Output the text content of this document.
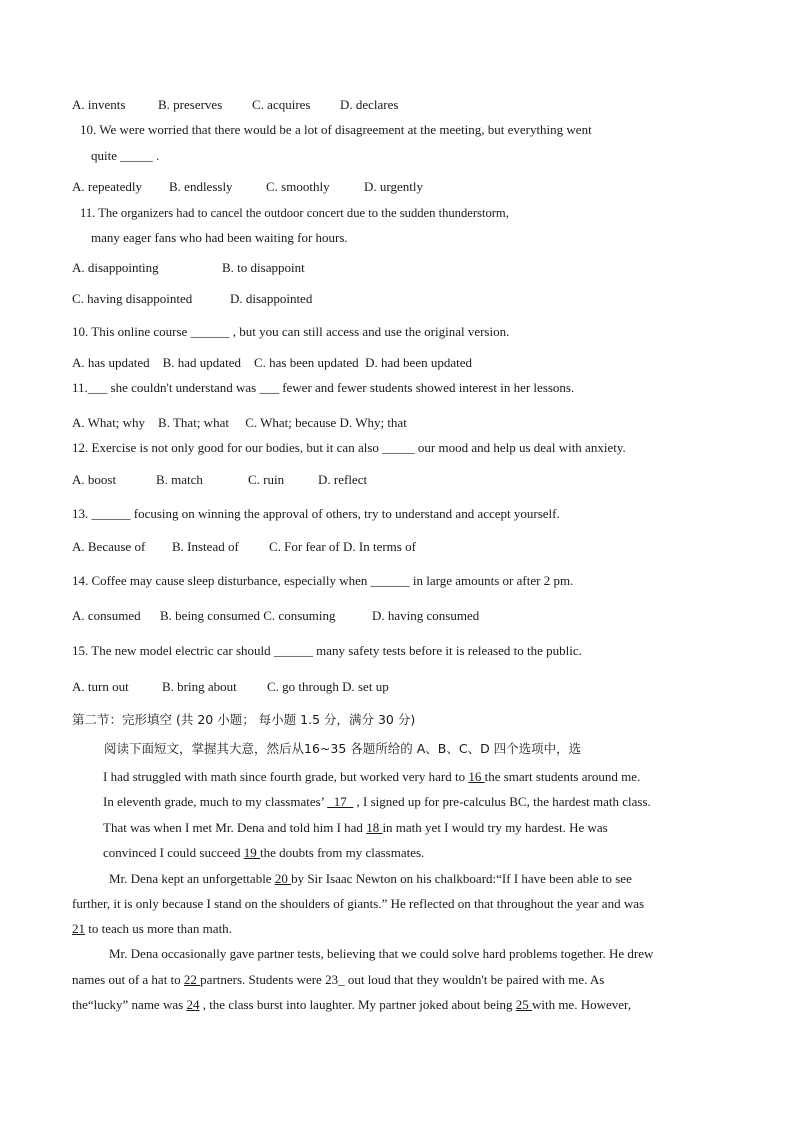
A. invents	B. preserves C. acquires D. declares
10. We were worried that there would be a lot of disagreement at the meeting, but everything went
quite _____ .
A. repeatedly B. endlessly	C. smoothly	D. urgently
11. The organizers had to cancel the outdoor concert due to the sudden thunderstorm,
many eager fans who had been waiting for hours.
A. disappointing	B. to disappoint
C. having disappointed	D. disappointed
10. This online course ______ , but you can still access and use the original version.
A. has updated    B. had updated    C. has been updated  D. had been updated
11.___ she couldn't understand was ___ fewer and fewer students showed interest in her lessons.
A. What; why    B. That; what     C. What; because D. Why; that
12. Exercise is not only good for our bodies, but it can also _____ our mood and help us deal with anxiety.
A. boost	B. match	C. ruin	D. reflect
13. ______ focusing on winning the approval of others, try to understand and accept yourself.
A. Because of B. Instead of C. For fear of D. In terms of
14. Coffee may cause sleep disturbance, especially when ______ in large amounts or after 2 pm.
A. consumed B. being consumed C. consuming	D. having consumed
15. The new model electric car should ______ many safety tests before it is released to the public.
A. turn out	B. bring about C. go through D. set up
第二节：完形填空 (共 20 小题； 每小题 1.5 分，满分 30 分)
阅读下面短文，掌握其大意，然后从16~35 各题所给的 A、B、C、D 四个选项中，选
I had struggled with math since fourth grade, but worked very hard to 16 the smart students around me.
In eleventh grade, much to my classmates’ _17_ , I signed up for pre-calculus BC, the hardest math class.
That was when I met Mr. Dena and told him I had 18 in math yet I would try my hardest. He was
convinced I could succeed 19 the doubts from my classmates.
Mr. Dena kept an unforgettable 20 by Sir Isaac Newton on his chalkboard:“If I have been able to see
further, it is only because I stand on the shoulders of giants.” He reflected on that throughout the year and was
21 to teach us more than math.
Mr. Dena occasionally gave partner tests, believing that we could solve hard problems together. He drew
names out of a hat to 22 partners. Students were 23_ out loud that they wouldn't be paired with me. As
the“lucky” name was 24 , the class burst into laughter. My partner joked about being 25 with me. However,
